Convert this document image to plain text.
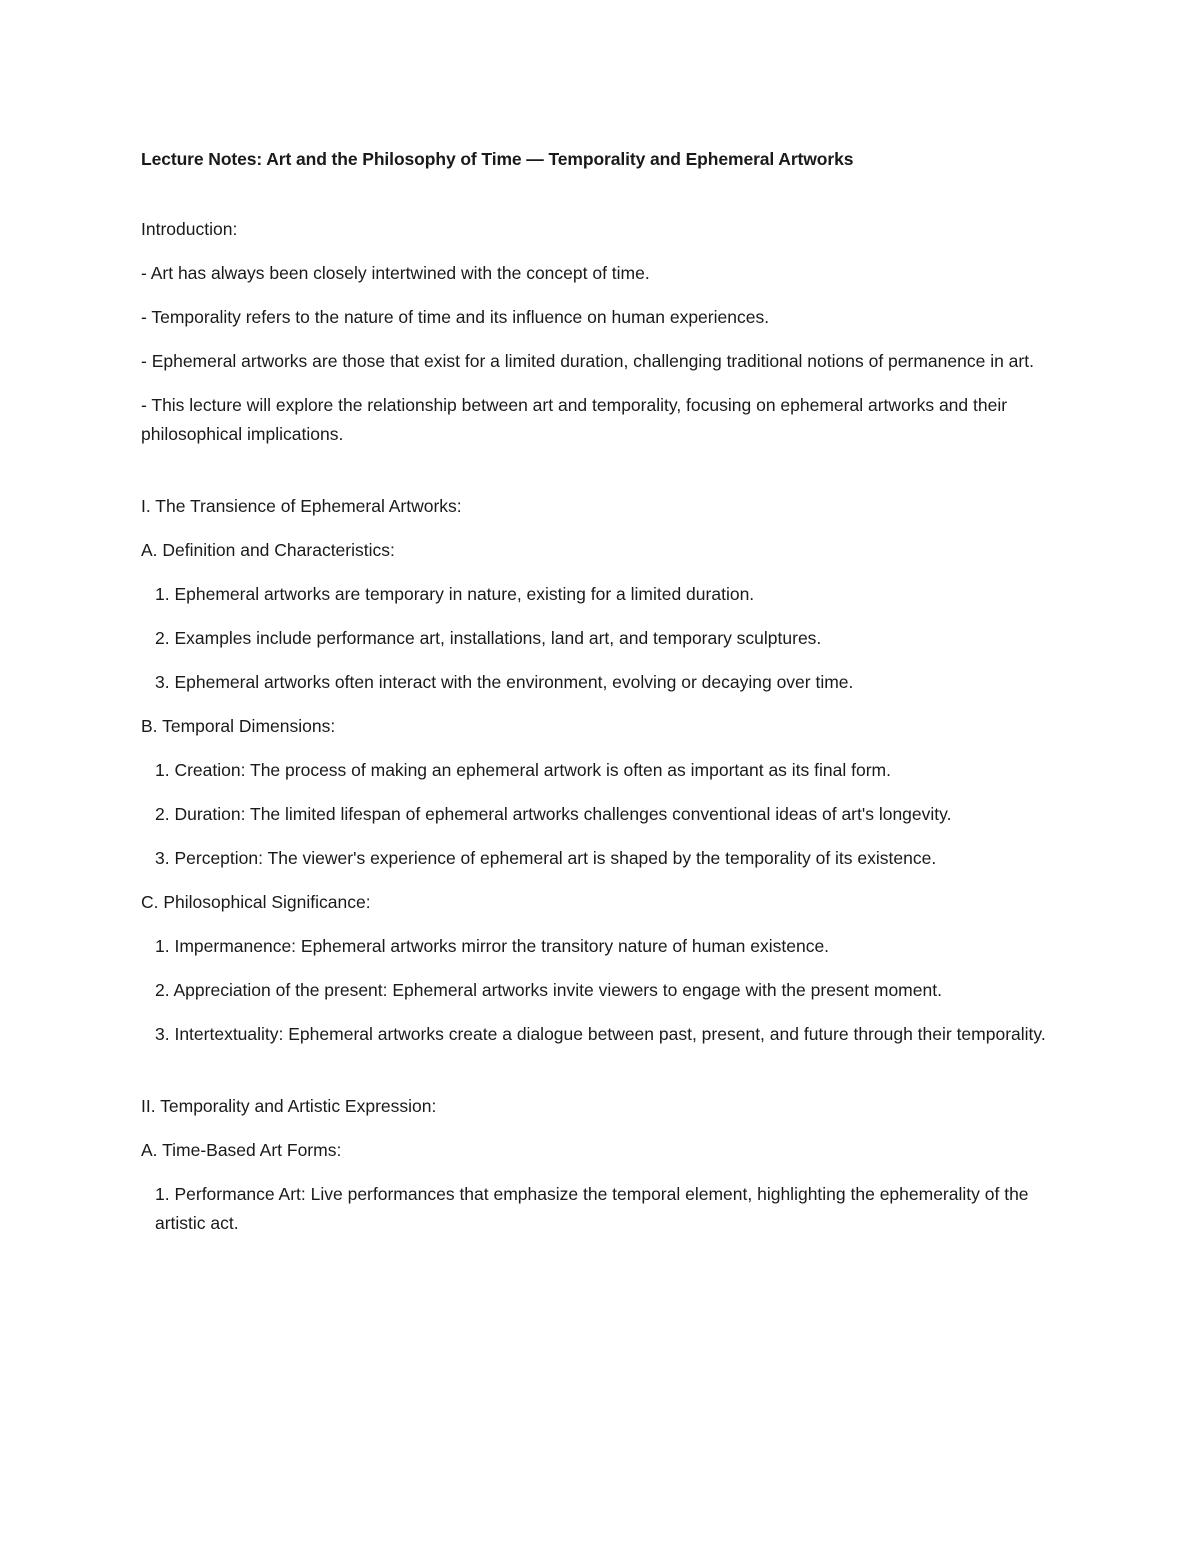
Lecture Notes: Art and the Philosophy of Time — Temporality and Ephemeral Artworks
Introduction:
- Art has always been closely intertwined with the concept of time.
- Temporality refers to the nature of time and its influence on human experiences.
- Ephemeral artworks are those that exist for a limited duration, challenging traditional notions of permanence in art.
- This lecture will explore the relationship between art and temporality, focusing on ephemeral artworks and their philosophical implications.
I. The Transience of Ephemeral Artworks:
A. Definition and Characteristics:
1. Ephemeral artworks are temporary in nature, existing for a limited duration.
2. Examples include performance art, installations, land art, and temporary sculptures.
3. Ephemeral artworks often interact with the environment, evolving or decaying over time.
B. Temporal Dimensions:
1. Creation: The process of making an ephemeral artwork is often as important as its final form.
2. Duration: The limited lifespan of ephemeral artworks challenges conventional ideas of art's longevity.
3. Perception: The viewer's experience of ephemeral art is shaped by the temporality of its existence.
C. Philosophical Significance:
1. Impermanence: Ephemeral artworks mirror the transitory nature of human existence.
2. Appreciation of the present: Ephemeral artworks invite viewers to engage with the present moment.
3. Intertextuality: Ephemeral artworks create a dialogue between past, present, and future through their temporality.
II. Temporality and Artistic Expression:
A. Time-Based Art Forms:
1. Performance Art: Live performances that emphasize the temporal element, highlighting the ephemerality of the artistic act.
